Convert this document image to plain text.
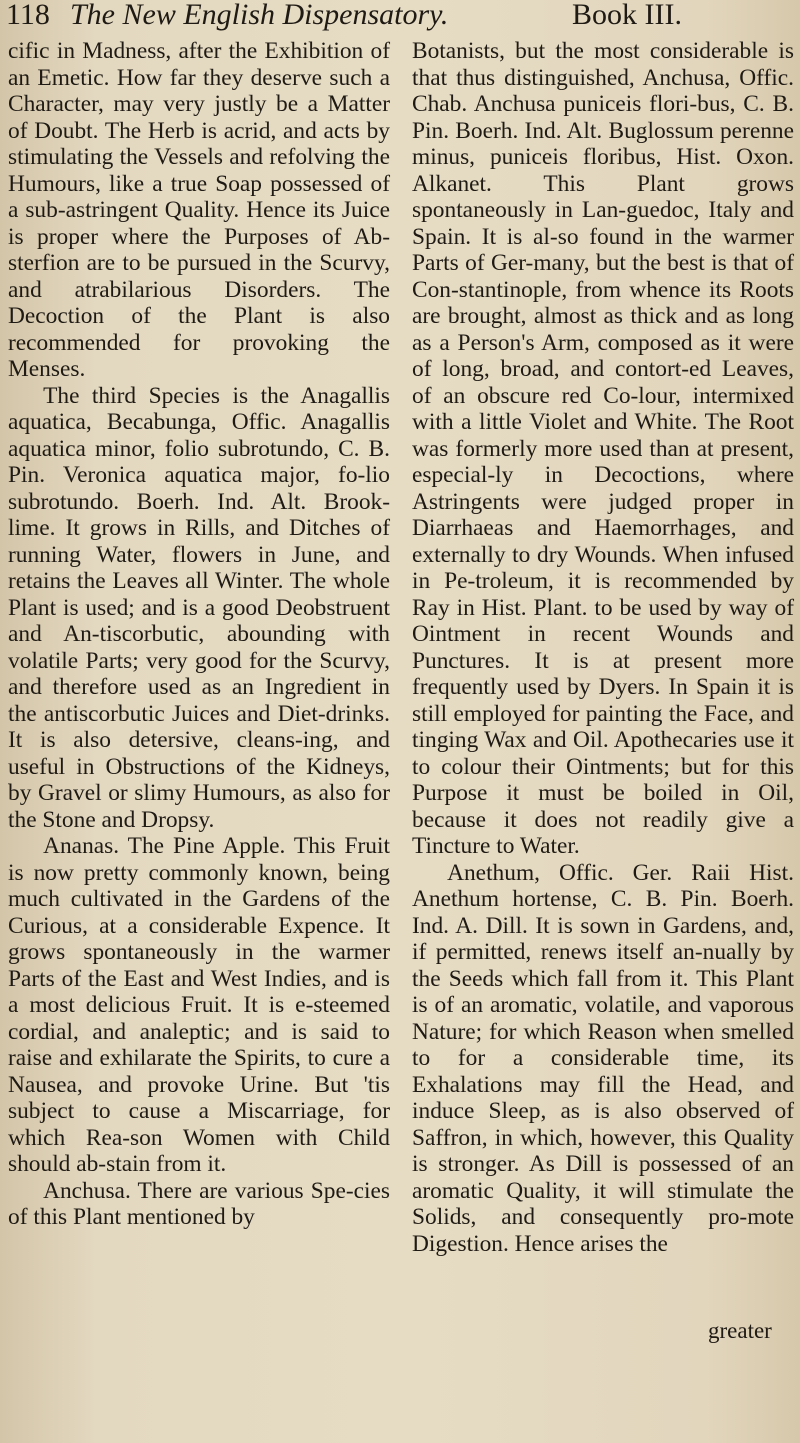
118 The New English Dispensatory.	Book III.

cific in Madness, after the Exhibition of an Emetic. How far they deserve such a Character, may very justly be a Matter of Doubt. The Herb is acrid, and acts by stimulating the Vessels and refolving the Humours, like a true Soap possessed of a sub-astringent Quality. Hence its Juice is proper where the Purposes of Ab-sterfion are to be pursued in the Scurvy, and atrabilarious Disorders. The Decoction of the Plant is also recommended for provoking the Menses.

The third Species is the Anagallis aquatica, Becabunga, Offic. Anagallis aquatica minor, folio subrotundo, C. B. Pin. Veronica aquatica major, fo-lio subrotundo. Boerh. Ind. Alt. Brook-lime. It grows in Rills, and Ditches of running Water, flowers in June, and retains the Leaves all Winter. The whole Plant is used; and is a good Deobstruent and An-tiscorbutic, abounding with volatile Parts; very good for the Scurvy, and therefore used as an Ingredient in the antiscorbutic Juices and Diet-drinks. It is also detersive, cleans-ing, and useful in Obstructions of the Kidneys, by Gravel or slimy Humours, as also for the Stone and Dropsy.

Ananas. The Pine Apple. This Fruit is now pretty commonly known, being much cultivated in the Gardens of the Curious, at a considerable Expence. It grows spontaneously in the warmer Parts of the East and West Indies, and is a most delicious Fruit. It is e-steemed cordial, and analeptic; and is said to raise and exhilarate the Spirits, to cure a Nausea, and provoke Urine. But 'tis subject to cause a Miscarriage, for which Rea-son Women with Child should ab-stain from it.

Anchusa. There are various Spe-cies of this Plant mentioned by

Botanists, but the most considerable is that thus distinguished, Anchusa, Offic. Chab. Anchusa puniceis flori-bus, C. B. Pin. Boerh. Ind. Alt. Buglossum perenne minus, puniceis floribus, Hist. Oxon. Alkanet. This Plant grows spontaneously in Lan-guedoc, Italy and Spain. It is al-so found in the warmer Parts of Ger-many, but the best is that of Con-stantinople, from whence its Roots are brought, almost as thick and as long as a Person's Arm, composed as it were of long, broad, and contort-ed Leaves, of an obscure red Co-lour, intermixed with a little Violet and White. The Root was formerly more used than at present, especial-ly in Decoctions, where Astringents were judged proper in Diarrhaeas and Haemorrhages, and externally to dry Wounds. When infused in Pe-troleum, it is recommended by Ray in Hist. Plant. to be used by way of Ointment in recent Wounds and Punctures. It is at present more frequently used by Dyers. In Spain it is still employed for painting the Face, and tinging Wax and Oil. Apothecaries use it to colour their Ointments; but for this Purpose it must be boiled in Oil, because it does not readily give a Tincture to Water.

Anethum, Offic. Ger. Raii Hist. Anethum hortense, C. B. Pin. Boerh. Ind. A. Dill. It is sown in Gardens, and, if permitted, renews itself an-nually by the Seeds which fall from it. This Plant is of an aromatic, volatile, and vaporous Nature; for which Reason when smelled to for a considerable time, its Exhalations may fill the Head, and induce Sleep, as is also observed of Saffron, in which, however, this Quality is stronger. As Dill is possessed of an aromatic Quality, it will stimulate the Solids, and consequently pro-mote Digestion. Hence arises the

greater
